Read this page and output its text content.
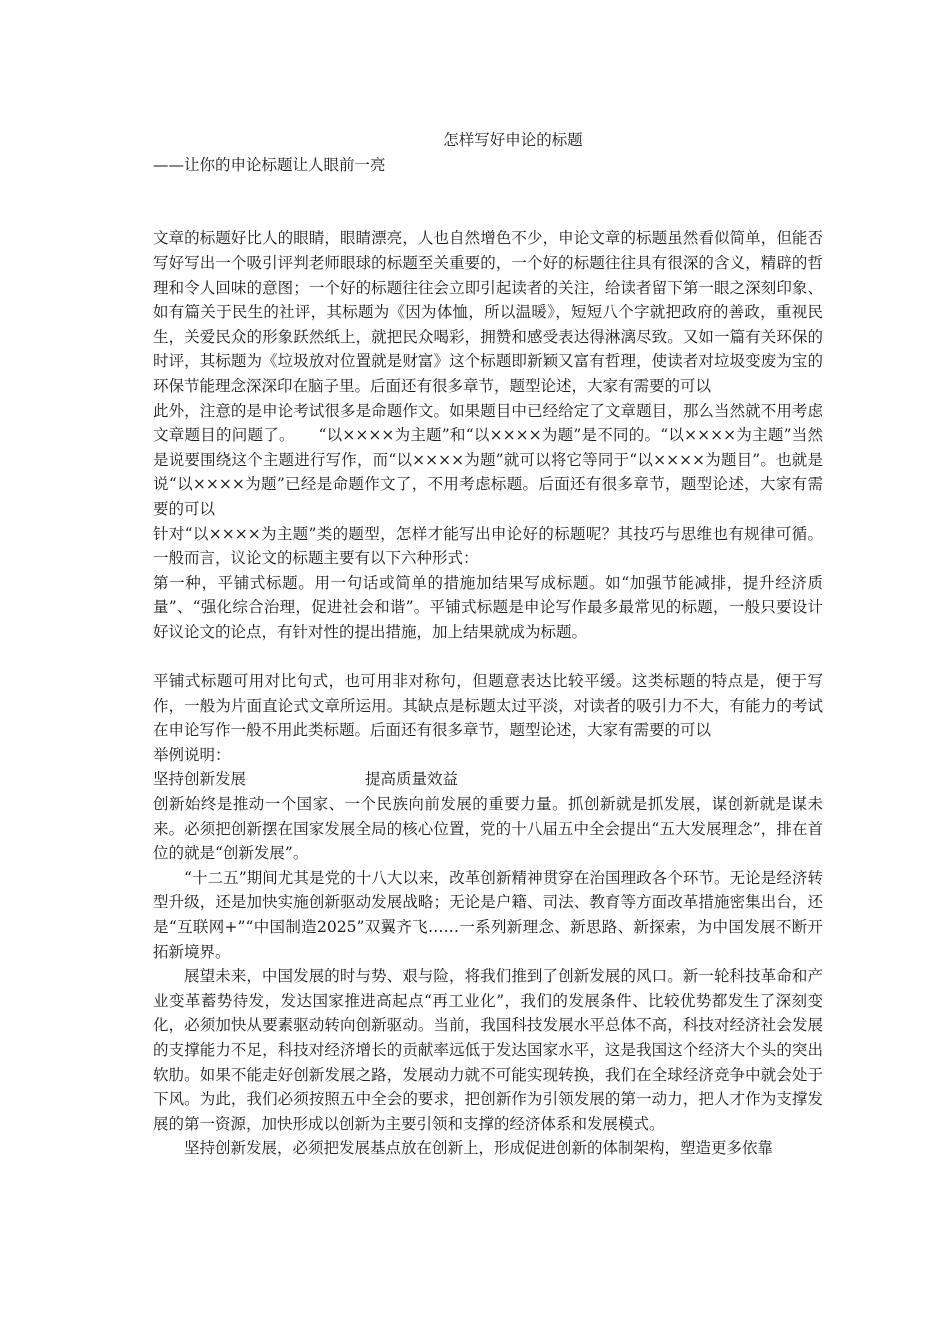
怎样写好申论的标题

——让你的申论标题让人眼前一亮

文章的标题好比人的眼睛，眼睛漂亮，人也自然增色不少，申论文章的标题虽然看似简单，但能否写好写出一个吸引评判老师眼球的标题至关重要的，一个好的标题往往具有很深的含义，精辟的哲理和令人回味的意图；一个好的标题往往会立即引起读者的关注，给读者留下第一眼之深刻印象、如有篇关于民生的社评，其标题为《因为体恤，所以温暖》，短短八个字就把政府的善政，重视民生，关爱民众的形象跃然纸上，就把民众喝彩，拥赞和感受表达得淋漓尽致。又如一篇有关环保的时评，其标题为《垃圾放对位置就是财富》这个标题即新颖又富有哲理，使读者对垃圾变废为宝的环保节能理念深深印在脑子里。后面还有很多章节，题型论述，大家有需要的可以

此外，注意的是申论考试很多是命题作文。如果题目中已经给定了文章题目，那么当然就不用考虑文章题目的问题了。　　“以××××为主题”和“以××××为题”是不同的。“以××××为主题”当然是说要围绕这个主题进行写作，而“以××××为题”就可以将它等同于“以××××为题目”。也就是说“以××××为题”已经是命题作文了，不用考虑标题。后面还有很多章节，题型论述，大家有需要的可以

针对“以××××为主题”类的题型，怎样才能写出申论好的标题呢？其技巧与思维也有规律可循。一般而言，议论文的标题主要有以下六种形式：

第一种，平铺式标题。用一句话或简单的措施加结果写成标题。如“加强节能减排，提升经济质量”、“强化综合治理，促进社会和谐”。平铺式标题是申论写作最多最常见的标题，一般只要设计好议论文的论点，有针对性的提出措施，加上结果就成为标题。

平铺式标题可用对比句式，也可用非对称句，但题意表达比较平缓。这类标题的特点是，便于写作，一般为片面直论式文章所运用。其缺点是标题太过平淡，对读者的吸引力不大，有能力的考试在申论写作一般不用此类标题。后面还有很多章节，题型论述，大家有需要的可以

举例说明：

坚持创新发展	提高质量效益

创新始终是推动一个国家、一个民族向前发展的重要力量。抓创新就是抓发展，谋创新就是谋未来。必须把创新摆在国家发展全局的核心位置，党的十八届五中全会提出“五大发展理念”，排在首位的就是“创新发展”。

“十二五”期间尤其是党的十八大以来，改革创新精神贯穿在治国理政各个环节。无论是经济转型升级，还是加快实施创新驱动发展战略；无论是户籍、司法、教育等方面改革措施密集出台，还是“互联网+”“中国制造2025”双翼齐飞……一系列新理念、新思路、新探索，为中国发展不断开拓新境界。

展望未来，中国发展的时与势、艰与险，将我们推到了创新发展的风口。新一轮科技革命和产业变革蓄势待发，发达国家推进高起点“再工业化”，我们的发展条件、比较优势都发生了深刻变化，必须加快从要素驱动转向创新驱动。当前，我国科技发展水平总体不高，科技对经济社会发展的支撑能力不足，科技对经济增长的贡献率远低于发达国家水平，这是我国这个经济大个头的突出软肋。如果不能走好创新发展之路，发展动力就不可能实现转换，我们在全球经济竞争中就会处于下风。为此，我们必须按照五中全会的要求，把创新作为引领发展的第一动力，把人才作为支撑发展的第一资源，加快形成以创新为主要引领和支撑的经济体系和发展模式。

坚持创新发展，必须把发展基点放在创新上，形成促进创新的体制架构，塑造更多依靠
